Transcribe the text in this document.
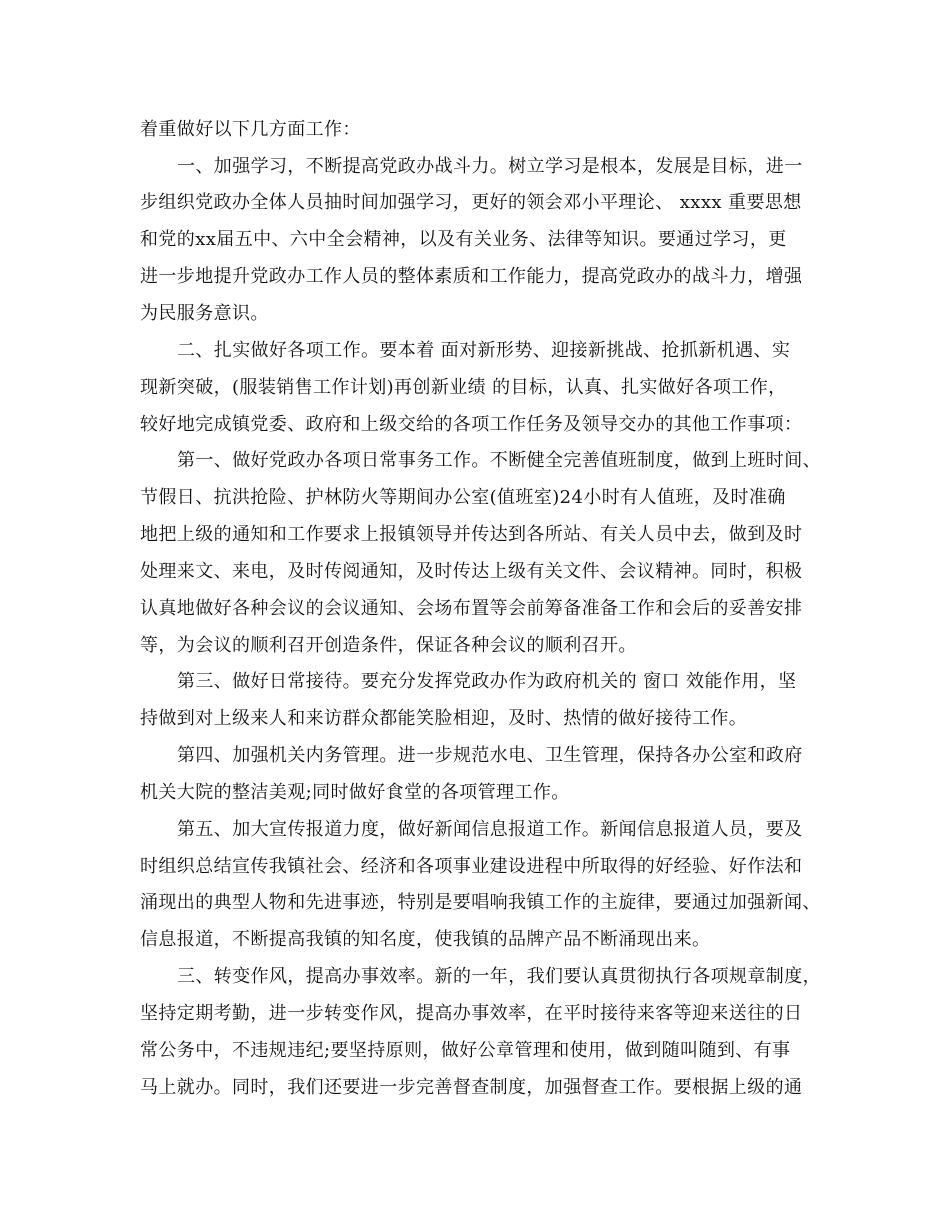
着重做好以下几方面工作：
一、加强学习，不断提高党政办战斗力。树立学习是根本，发展是目标，进一
步组织党政办全体人员抽时间加强学习，更好的领会邓小平理论、 xxxx 重要思想
和党的xx届五中、六中全会精神，以及有关业务、法律等知识。要通过学习，更
进一步地提升党政办工作人员的整体素质和工作能力，提高党政办的战斗力，增强
为民服务意识。
二、扎实做好各项工作。要本着 面对新形势、迎接新挑战、抢抓新机遇、实
现新突破，(服装销售工作计划)再创新业绩 的目标，认真、扎实做好各项工作，
较好地完成镇党委、政府和上级交给的各项工作任务及领导交办的其他工作事项：
第一、做好党政办各项日常事务工作。不断健全完善值班制度，做到上班时间、
节假日、抗洪抢险、护林防火等期间办公室(值班室)24小时有人值班，及时准确
地把上级的通知和工作要求上报镇领导并传达到各所站、有关人员中去，做到及时
处理来文、来电，及时传阅通知，及时传达上级有关文件、会议精神。同时，积极
认真地做好各种会议的会议通知、会场布置等会前筹备准备工作和会后的妥善安排
等，为会议的顺利召开创造条件，保证各种会议的顺利召开。
第三、做好日常接待。要充分发挥党政办作为政府机关的 窗口 效能作用，坚
持做到对上级来人和来访群众都能笑脸相迎，及时、热情的做好接待工作。
第四、加强机关内务管理。进一步规范水电、卫生管理，保持各办公室和政府
机关大院的整洁美观;同时做好食堂的各项管理工作。
第五、加大宣传报道力度，做好新闻信息报道工作。新闻信息报道人员，要及
时组织总结宣传我镇社会、经济和各项事业建设进程中所取得的好经验、好作法和
涌现出的典型人物和先进事迹，特别是要唱响我镇工作的主旋律，要通过加强新闻、
信息报道，不断提高我镇的知名度，使我镇的品牌产品不断涌现出来。
三、转变作风，提高办事效率。新的一年，我们要认真贯彻执行各项规章制度，
坚持定期考勤，进一步转变作风，提高办事效率，在平时接待来客等迎来送往的日
常公务中，不违规违纪;要坚持原则，做好公章管理和使用，做到随叫随到、有事
马上就办。同时，我们还要进一步完善督查制度，加强督查工作。要根据上级的通
